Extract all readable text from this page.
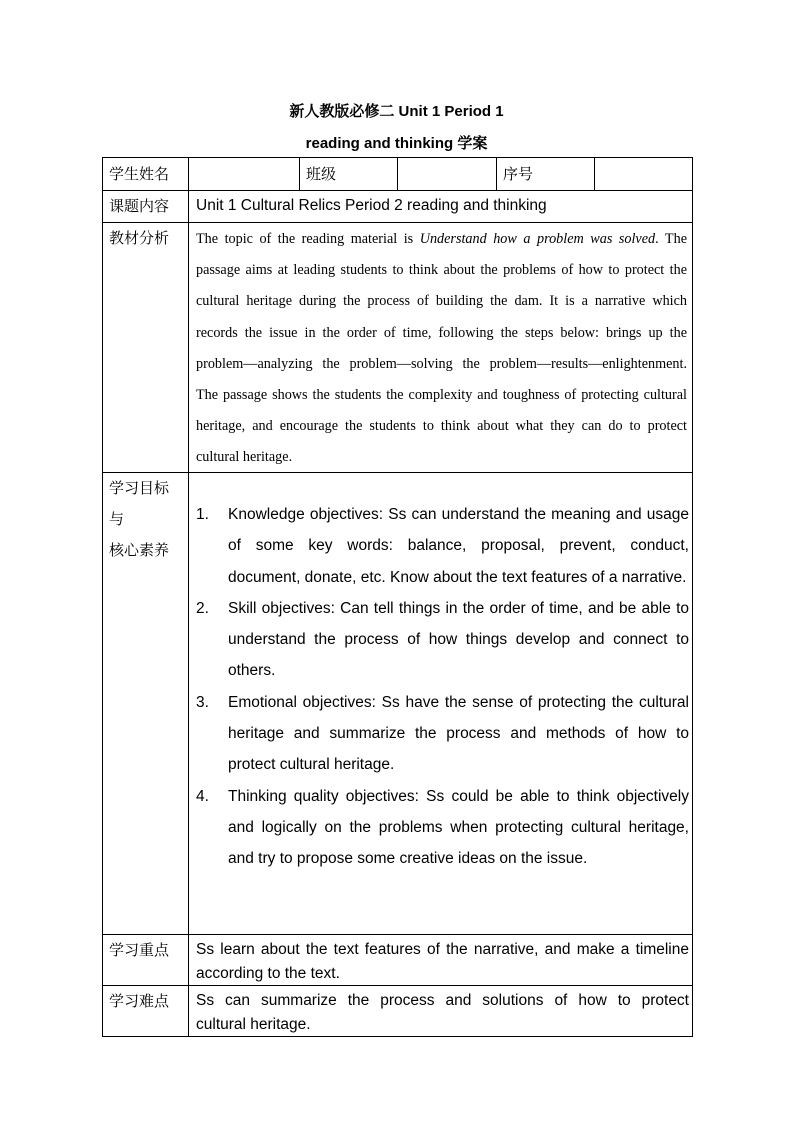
新人教版必修二 Unit 1 Period 1
reading and thinking 学案
学生姓名	班级	序号
课题内容 Unit 1 Cultural Relics Period 2 reading and thinking
教材分析 The topic of the reading material is Understand how a problem was solved. The passage aims at leading students to think about the problems of how to protect the cultural heritage during the process of building the dam. It is a narrative which records the issue in the order of time, following the steps below: brings up the problem—analyzing the problem—solving the problem—results—enlightenment. The passage shows the students the complexity and toughness of protecting cultural heritage, and encourage the students to think about what they can do to protect cultural heritage.
学习目标
与
核心素养
1.	Knowledge objectives: Ss can understand the meaning and usage of some key words: balance, proposal, prevent, conduct, document, donate, etc. Know about the text features of a narrative.
2.	Skill objectives: Can tell things in the order of time, and be able to understand the process of how things develop and connect to others.
3.	Emotional objectives: Ss have the sense of protecting the cultural heritage and summarize the process and methods of how to protect cultural heritage.
4.	Thinking quality objectives: Ss could be able to think objectively and logically on the problems when protecting cultural heritage, and try to propose some creative ideas on the issue.
学习重点 Ss learn about the text features of the narrative, and make a timeline
according to the text.
学习难点 Ss can summarize the process and solutions of how to protect
cultural heritage.
